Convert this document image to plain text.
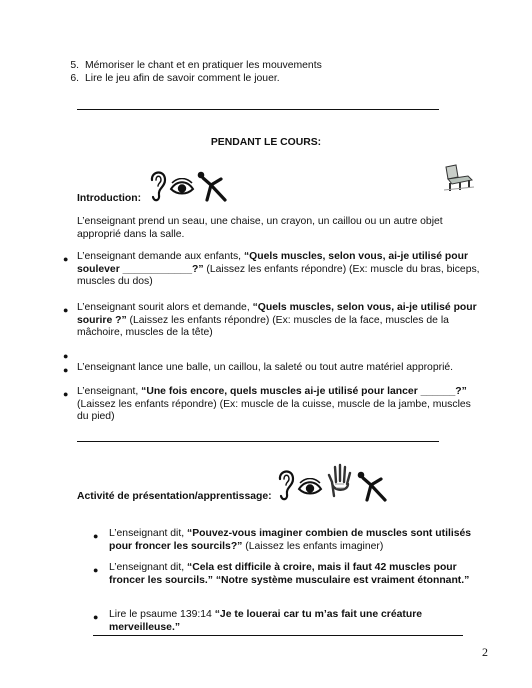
5. Mémoriser le chant et en pratiquer les mouvements
6. Lire le jeu afin de savoir comment le jouer.
PENDANT LE COURS:
Introduction:
L’enseignant prend un seau, une chaise, un crayon, un caillou ou un autre objet approprié dans la salle.
● L’enseignant demande aux enfants, “Quels muscles, selon vous, ai-je utilisé pour soulever ____________?” (Laissez les enfants répondre) (Ex: muscle du bras, biceps, muscles du dos)
● L’enseignant sourit alors et demande, “Quels muscles, selon vous, ai-je utilisé pour sourire ?” (Laissez les enfants répondre) (Ex: muscles de la face, muscles de la mâchoire, muscles de la tête)
●
● L’enseignant lance une balle, un caillou, la saleté ou tout autre matériel approprié.
● L’enseignant, “Une fois encore, quels muscles ai-je utilisé pour lancer ______?” (Laissez les enfants répondre) (Ex: muscle de la cuisse, muscle de la jambe, muscles du pied)
Activité de présentation/apprentissage:
● L’enseignant dit, “Pouvez-vous imaginer combien de muscles sont utilisés pour froncer les sourcils?” (Laissez les enfants imaginer)
● L’enseignant dit, “Cela est difficile à croire, mais il faut 42 muscles pour froncer les sourcils.” “Notre système musculaire est vraiment étonnant.”
● Lire le psaume 139:14 “Je te louerai car tu m’as fait une créature merveilleuse.”
2
